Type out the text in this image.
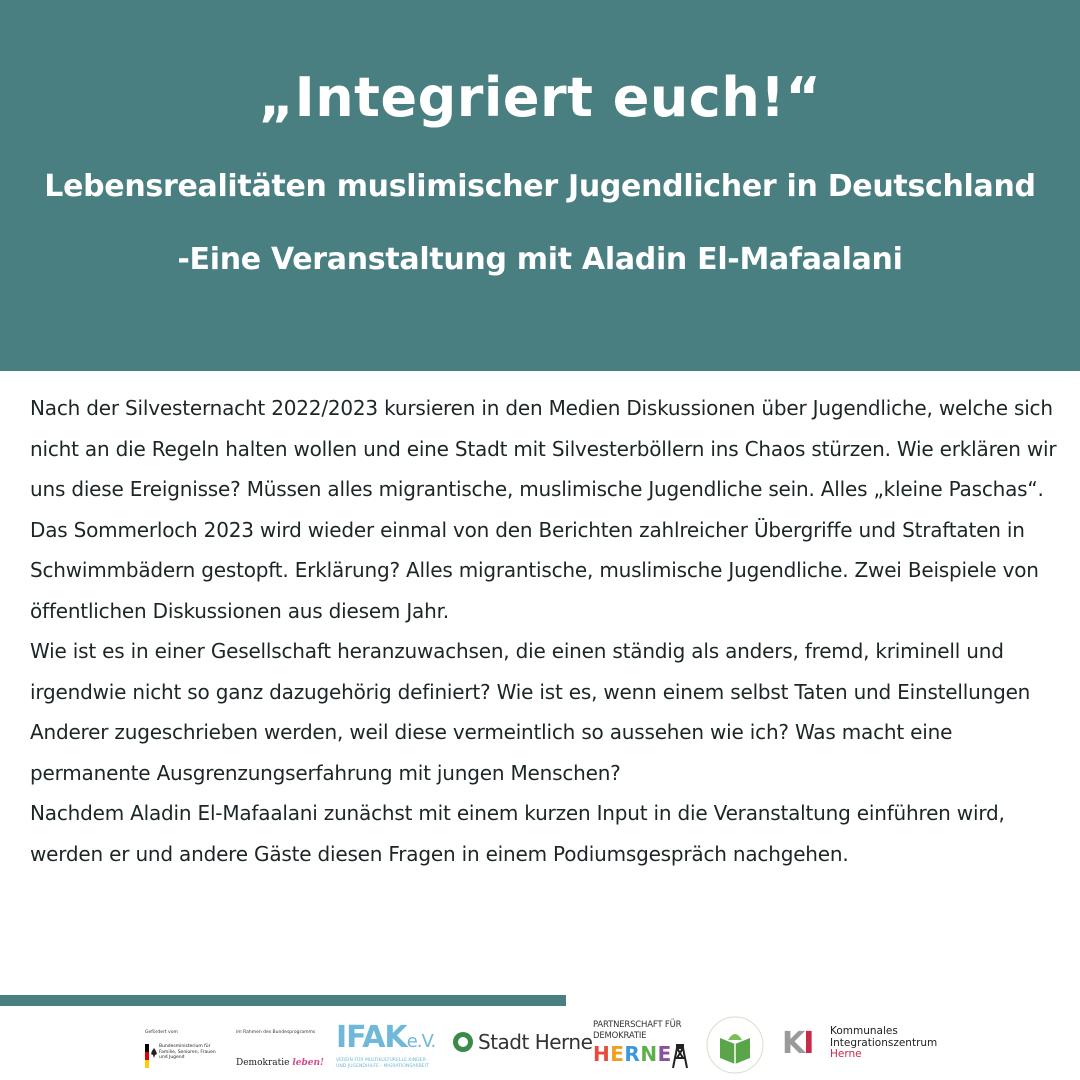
„Integriert euch!“
Lebensrealitäten muslimischer Jugendlicher in Deutschland
-Eine Veranstaltung mit Aladin El-Mafaalani

Nach der Silvesternacht 2022/2023 kursieren in den Medien Diskussionen über Jugendliche, welche sich nicht an die Regeln halten wollen und eine Stadt mit Silvesterböllern ins Chaos stürzen. Wie erklären wir uns diese Ereignisse? Müssen alles migrantische, muslimische Jugendliche sein. Alles „kleine Paschas“. Das Sommerloch 2023 wird wieder einmal von den Berichten zahlreicher Übergriffe und Straftaten in Schwimmbädern gestopft. Erklärung? Alles migrantische, muslimische Jugendliche. Zwei Beispiele von öffentlichen Diskussionen aus diesem Jahr.

Wie ist es in einer Gesellschaft heranzuwachsen, die einen ständig als anders, fremd, kriminell und irgendwie nicht so ganz dazugehörig definiert? Wie ist es, wenn einem selbst Taten und Einstellungen Anderer zugeschrieben werden, weil diese vermeintlich so aussehen wie ich? Was macht eine permanente Ausgrenzungserfahrung mit jungen Menschen?

Nachdem Aladin El-Mafaalani zunächst mit einem kurzen Input in die Veranstaltung einführen wird, werden er und andere Gäste diesen Fragen in einem Podiumsgespräch nachgehen.

Gefördert vom
Bundesministerium für Familie, Senioren, Frauen und Jugend
im Rahmen des Bundesprogramms
Demokratie leben!
IFAKe.V.
VEREIN FÜR MULTIKULTURELLE KINDER- UND JUGENDHILFE - MIGRATIONSARBEIT
Stadt Herne
PARTNERSCHAFT FÜR
DEMOKRATIE
HERNE	KI Kommunales
Integrationszentrum
Herne
